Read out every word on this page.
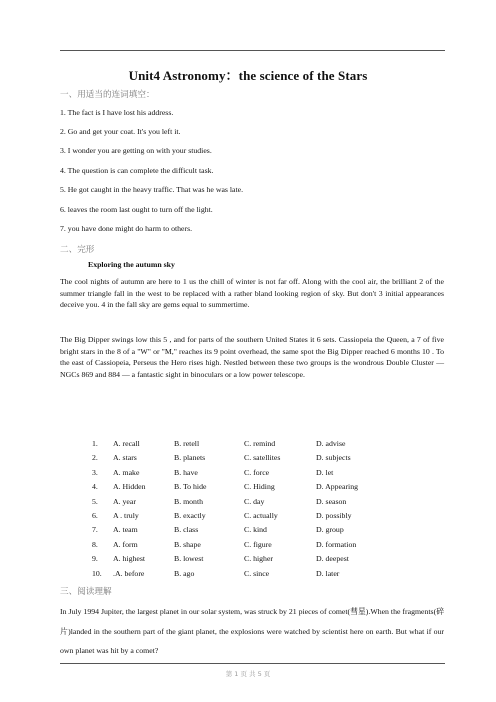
Unit4 Astronomy：the science of the Stars
一、用适当的连词填空：
1. The fact is I have lost his address.
2. Go and get your coat. It's you left it.
3. I wonder you are getting on with your studies.
4. The question is can complete the difficult task.
5. He got caught in the heavy traffic. That was he was late.
6. leaves the room last ought to turn off the light.
7. you have done might do harm to others.
二、完形
Exploring the autumn sky

The cool nights of autumn are here to 1 us the chill of winter is not far off. Along with the cool air, the brilliant 2 of the summer triangle fall in the west to be replaced with a rather bland looking region of sky. But don't 3 initial appearances deceive you. 4 in the fall sky are gems equal to summertime.

The Big Dipper swings low this 5 , and for parts of the southern United States it 6 sets. Cassiopeia the Queen, a 7 of five bright stars in the 8 of a "W" or "M," reaches its 9 point overhead, the same spot the Big Dipper reached 6 months 10 . To the east of Cassiopeia, Perseus the Hero rises high. Nestled between these two groups is the wondrous Double Cluster — NGCs 869 and 884 — a fantastic sight in binoculars or a low power telescope.

1.	A. recall	B. retell	C. remind	D. advise
2.	A. stars	B. planets	C. satellites	D. subjects
3.	A. make	B. have	C. force	D. let
4.	A. Hidden	B. To hide	C. Hiding	D. Appearing
5.	A. year	B. month	C. day	D. season
6.	A . truly	B. exactly	C. actually	D. possibly
7.	A. team	B. class	C. kind	D. group
8.	A. form	B. shape	C. figure	D. formation
9.	A. highest	B. lowest	C. higher	D. deepest
10.	.A. before	B. ago	C. since	D. later
三、阅读理解

In July 1994 Jupiter, the largest planet in our solar system, was struck by 21 pieces of comet(彗星).When the fragments(碎片)landed in the southern part of the giant planet, the explosions were watched by scientist here on earth. But what if our own planet was hit by a comet?

第 1 页 共 5 页
